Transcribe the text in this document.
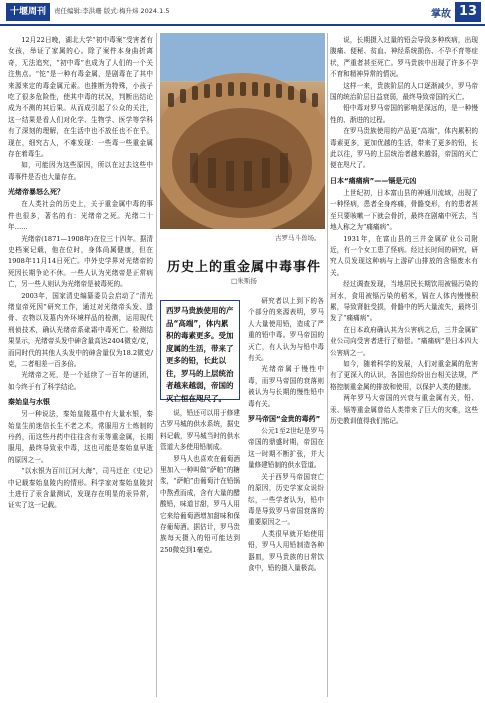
十堰周刊	责任编辑:李洪珊 版式:梅升炜 2024.1.5	掌故 13

12月22日晚，湖北大学“初中毒案”受害者有女孩，举证了家属的心。除了案件本身曲折离奇，无法追究，“初中毒”也成为了人们的一个关注焦点。“铊”是一种有毒金属，是剧毒在了其中来源来定的毒金属元素。也推断为特殊，小孩子吃了很多危险性，使其中毒的状况，判断出结论成为不测的其后果。从而成引起了公众的关注，这一结果是看人们对化学、生物学、医学等学科有了深刻的理解，在生活中也不放任也不在乎。现在，细究古人，不难发现：一些毒一些重金属存在着毒生。

如，可能因为这些原因，所以在过去这些中毒事件是否也大量存在。

光绪帝暴怒么死？

在人类社会的历史上，关于重金属中毒的事件也很多，著名的有：光绪帝之死。光绪二十年……

光绪帝(1871—1908年)在位三十四年。据清史档案记载，他在位时，身体尚属健康，但在1908年11月14日死亡。中外史学界对光绪帝的死因长期争论不休。一些人认为光绪帝是正常病亡，另一些人则认为光绪帝是被毒死的。

2003年，国家清史编纂委员会启动了“清光绪皇帝死因”研究工作，通过对光绪帝头发、遗骨、衣物以及墓内外环境样品的检测，运用现代刑侦技术，确认光绪帝系砒霜中毒死亡。检测结果显示，光绪帝头发中砷含量高达2404微克/克，而同时代的其他人头发中的砷含量仅为18.2微克/克，二者相差一百多倍。

光绪帝之死，是一个延续了一百年的谜团，如今终于有了科学结论。

秦始皇与水银

另一种说法，秦始皇陵墓中有大量水银，秦始皇生前迷信长生不老之术，常服用方士炼制的丹药，而这些丹药中往往含有汞等重金属，长期服用，最终导致汞中毒，这也可能是秦始皇早逝的原因之一。

“以水银为百川江河大海”，司马迁在《史记》中记载秦始皇陵内的情形。科学家对秦始皇陵封土进行了汞含量测试，发现存在明显的汞异常，证实了这一记载。

古罗马斗兽场。
历史上的重金属中毒事件
□朱斯扬
西罗马贵族使用的产品“高端”，体内累积的毒素更多。受加度属的生活，带来了更多的铅，长此以往，罗马的上层统治者越来越弱，帝国的灭亡恒在咫尺了。

说，铅还可以用于修建古罗马城的供水系统，据史料记载，罗马城当时的供水管道大多使用铅制成。

罗马人也喜欢在葡萄酒里加入一种叫做“萨帕”的糖浆，“萨帕”由葡萄汁在铅锅中熬煮而成，含有大量的醋酸铅，味道甘甜，罗马人用它来给葡萄酒增加甜味和保存葡萄酒。据估计，罗马贵族每天摄入的铅可能达到250微克到1毫克。

研究者以上到下的各个部分的来源表明，罗马人大量使用铅，造成了严重的铅中毒。罗马帝国的灭亡，有人认为与铅中毒有关。

光绪帝属于慢性中毒，而罗马帝国的衰落则被认为与长期的慢性铅中毒有关。

罗马帝国“金贵的毒药”

公元1至2世纪是罗马帝国的鼎盛时期，帝国在这一时期不断扩张，并大量修建铅制的供水管道。

关于西罗马帝国衰亡的原因，历史学家众说纷纭，一些学者认为，铅中毒是导致罗马帝国衰落的重要原因之一。

人类很早就开始使用铅，罗马人用铅制造各种器皿，罗马贵族的日常饮食中，铅的摄入量极高。

说，长期摄入过量的铅会导致多种疾病，出现腹痛、便秘、贫血、神经系统损伤、不孕不育等症状，严重者甚至死亡。罗马贵族中出现了许多不孕不育和精神异常的情况。

这样一来，贵族阶层的人口逐渐减少，罗马帝国的统治阶层日益衰弱，最终导致帝国的灭亡。

铅中毒对罗马帝国的影响是深远的，是一种慢性的、渐进的过程。

在罗马贵族使用的产品更“高端”，体内累积的毒素更多，更加优越的生活，带来了更多的铅，长此以往，罗马的上层统治者越来越弱，帝国的灭亡便在咫尺了。

日本“痛痛病”——镉是元凶

上世纪初，日本富山县的神通川流域，出现了一种怪病，患者全身疼痛，骨骼变形，有的患者甚至只要咳嗽一下就会骨折，最终在剧痛中死去，当地人称之为“痛痛病”。

1931年，在富山县的三井金属矿业公司附近，有一个女工患了怪病。经过长时间的研究，研究人员发现这种病与上游矿山排放的含镉废水有关。

经过调查发现，当地居民长期饮用被镉污染的河水，食用被镉污染的稻米，镉在人体内慢慢积累，导致肾脏受损，骨骼中的钙大量流失，最终引发了“痛痛病”。

在日本政府确认其为公害病之后，三井金属矿业公司向受害者进行了赔偿。“痛痛病”是日本四大公害病之一。

如今，随着科学的发展，人们对重金属的危害有了更深入的认识，各国也纷纷出台相关法规，严格控制重金属的排放和使用，以保护人类的健康。

两年罗马大帝国的兴衰与重金属有关，铅、汞、镉等重金属曾给人类带来了巨大的灾难，这些历史教训值得我们铭记。
